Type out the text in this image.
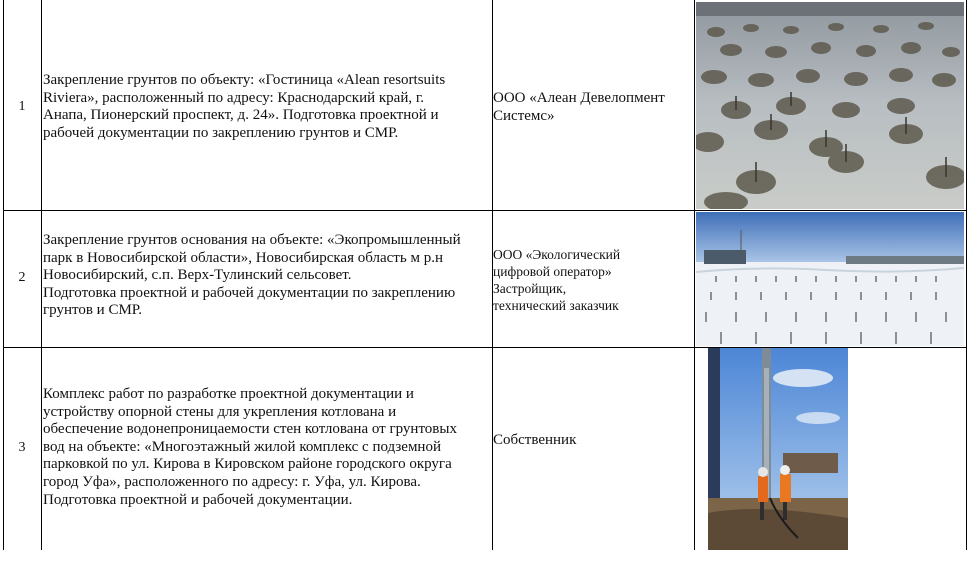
1
Закрепление грунтов по объекту: «Гостиница «Alean resortsuits
Riviera», расположенный по адресу: Краснодарский край, г.
Анапа, Пионерский проспект, д. 24». Подготовка проектной и
рабочей документации по закреплению грунтов и СМР.
ООО «Алеан Девелопмент
Системс»
2
Закрепление грунтов основания на объекте: «Экопромышленный
парк в Новосибирской области», Новосибирская область м р.н
Новосибирский, с.п. Верх-Тулинский сельсовет.
Подготовка проектной и рабочей документации по закреплению
грунтов и СМР.
ООО «Экологический
цифровой оператор»
Застройщик,
технический заказчик
3
Комплекс работ по разработке проектной документации и
устройству опорной стены для укрепления котлована и
обеспечение водонепроницаемости стен котлована от грунтовых
вод на объекте: «Многоэтажный жилой комплекс с подземной
парковкой по ул. Кирова в Кировском районе городского округа
город Уфа», расположенного по адресу: г. Уфа, ул. Кирова.
Подготовка проектной и рабочей документации.
Собственник
